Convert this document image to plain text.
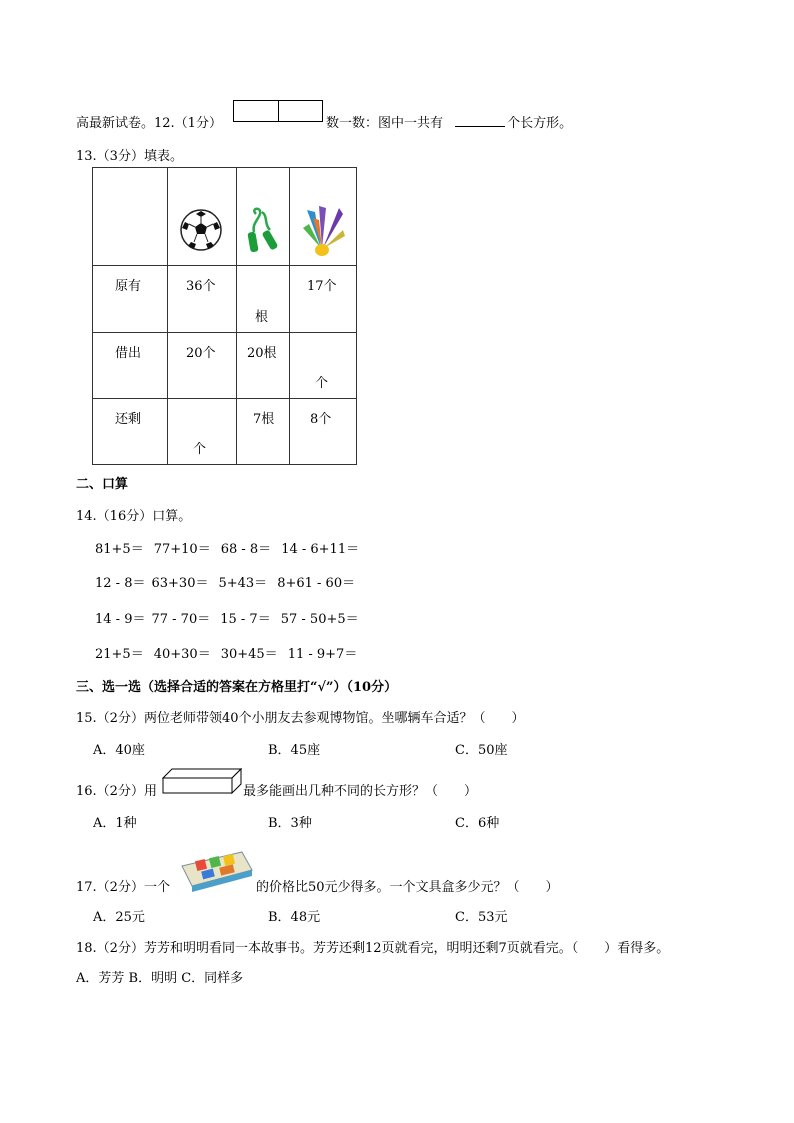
高最新试卷。12.（1分）	数一数：图中一共有	个长方形。
13.（3分）填表。

原有	36个	根	17个

借出	20个	20根	个

还剩	个	7根	8个
二、口算
14.（16分）口算。
81+5＝ 77+10＝ 68 - 8＝ 14 - 6+11＝
12 - 8＝ 63+30＝ 5+43＝ 8+61 - 60＝
14 - 9＝ 77 - 70＝ 15 - 7＝ 57 - 50+5＝
21+5＝ 40+30＝ 30+45＝ 11 - 9+7＝
三、选一选（选择合适的答案在方格里打“√”）（10分）
15.（2分）两位老师带领40个小朋友去参观博物馆。坐哪辆车合适？（　　）
A．40座	B．45座	C．50座
16.（2分）用	最多能画出几种不同的长方形？（　　）
A．1种	B．3种	C．6种
17.（2分）一个	的价格比50元少得多。一个文具盒多少元？（　　）
A．25元	B．48元	C．53元
18.（2分）芳芳和明明看同一本故事书。芳芳还剩12页就看完，明明还剩7页就看完。（　　）看得多。
A．芳芳 B．明明 C．同样多
